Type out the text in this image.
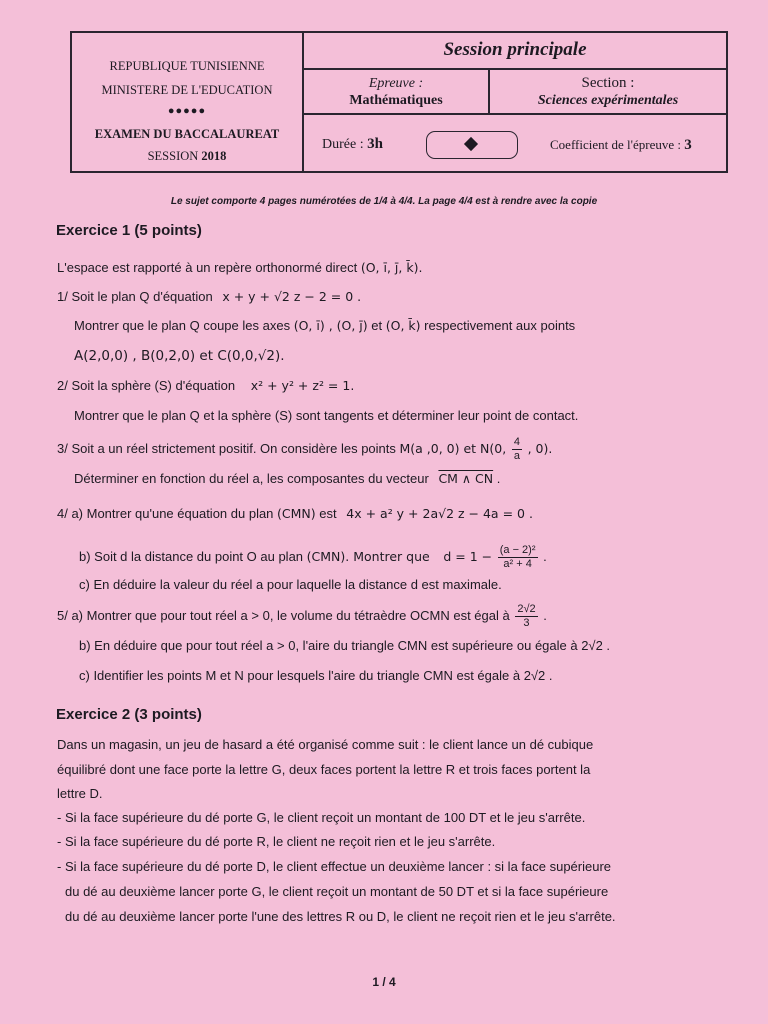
REPUBLIQUE TUNISIENNE
MINISTERE DE L'EDUCATION
●●●●●
EXAMEN DU BACCALAUREAT
SESSION 2018
Session principale
Epreuve :
Mathématiques
Section :
Sciences expérimentales
Durée : 3h	Coefficient de l'épreuve : 3
Le sujet comporte 4 pages numérotées de 1/4 à 4/4. La page 4/4 est à rendre avec la copie
Exercice 1 (5 points)
L'espace est rapporté à un repère orthonormé direct (O, ī, j̄, k̄).
1/ Soit le plan Q d'équation x + y + √2 z − 2 = 0 .
Montrer que le plan Q coupe les axes (O, ī) , (O, j̄) et (O, k̄) respectivement aux points
A(2,0,0) , B(0,2,0) et C(0,0,√2).
2/ Soit la sphère (S) d'équation x² + y² + z² = 1.
Montrer que le plan Q et la sphère (S) sont tangents et déterminer leur point de contact.
3/ Soit a un réel strictement positif. On considère les points M(a ,0, 0) et N(0, $\frac{4}{a}$ , 0).
Déterminer en fonction du réel a, les composantes du vecteur CM ∧ CN .
4/ a) Montrer qu'une équation du plan (CMN) est 4x + a² y + 2a√2 z − 4a = 0 .
b) Soit d la distance du point O au plan (CMN). Montrer que $d = 1 - \frac{\text{(a − 2)²}}{\text{a² + 4}}$ .
c) En déduire la valeur du réel a pour laquelle la distance d est maximale.
5/ a) Montrer que pour tout réel a > 0, le volume du tétraèdre OCMN est égal à $\frac{2√2}{3}$ .
b) En déduire que pour tout réel a > 0, l'aire du triangle CMN est supérieure ou égale à 2√2 .
c) Identifier les points M et N pour lesquels l'aire du triangle CMN est égale à 2√2 .
Exercice 2 (3 points)
Dans un magasin, un jeu de hasard a été organisé comme suit : le client lance un dé cubique
équilibré dont une face porte la lettre G, deux faces portent la lettre R et trois faces portent la
lettre D.
- Si la face supérieure du dé porte G, le client reçoit un montant de 100 DT et le jeu s'arrête.
- Si la face supérieure du dé porte R, le client ne reçoit rien et le jeu s'arrête.
- Si la face supérieure du dé porte D, le client effectue un deuxième lancer : si la face supérieure
du dé au deuxième lancer porte G, le client reçoit un montant de 50 DT et si la face supérieure
du dé au deuxième lancer porte l'une des lettres R ou D, le client ne reçoit rien et le jeu s'arrête.
1 / 4
